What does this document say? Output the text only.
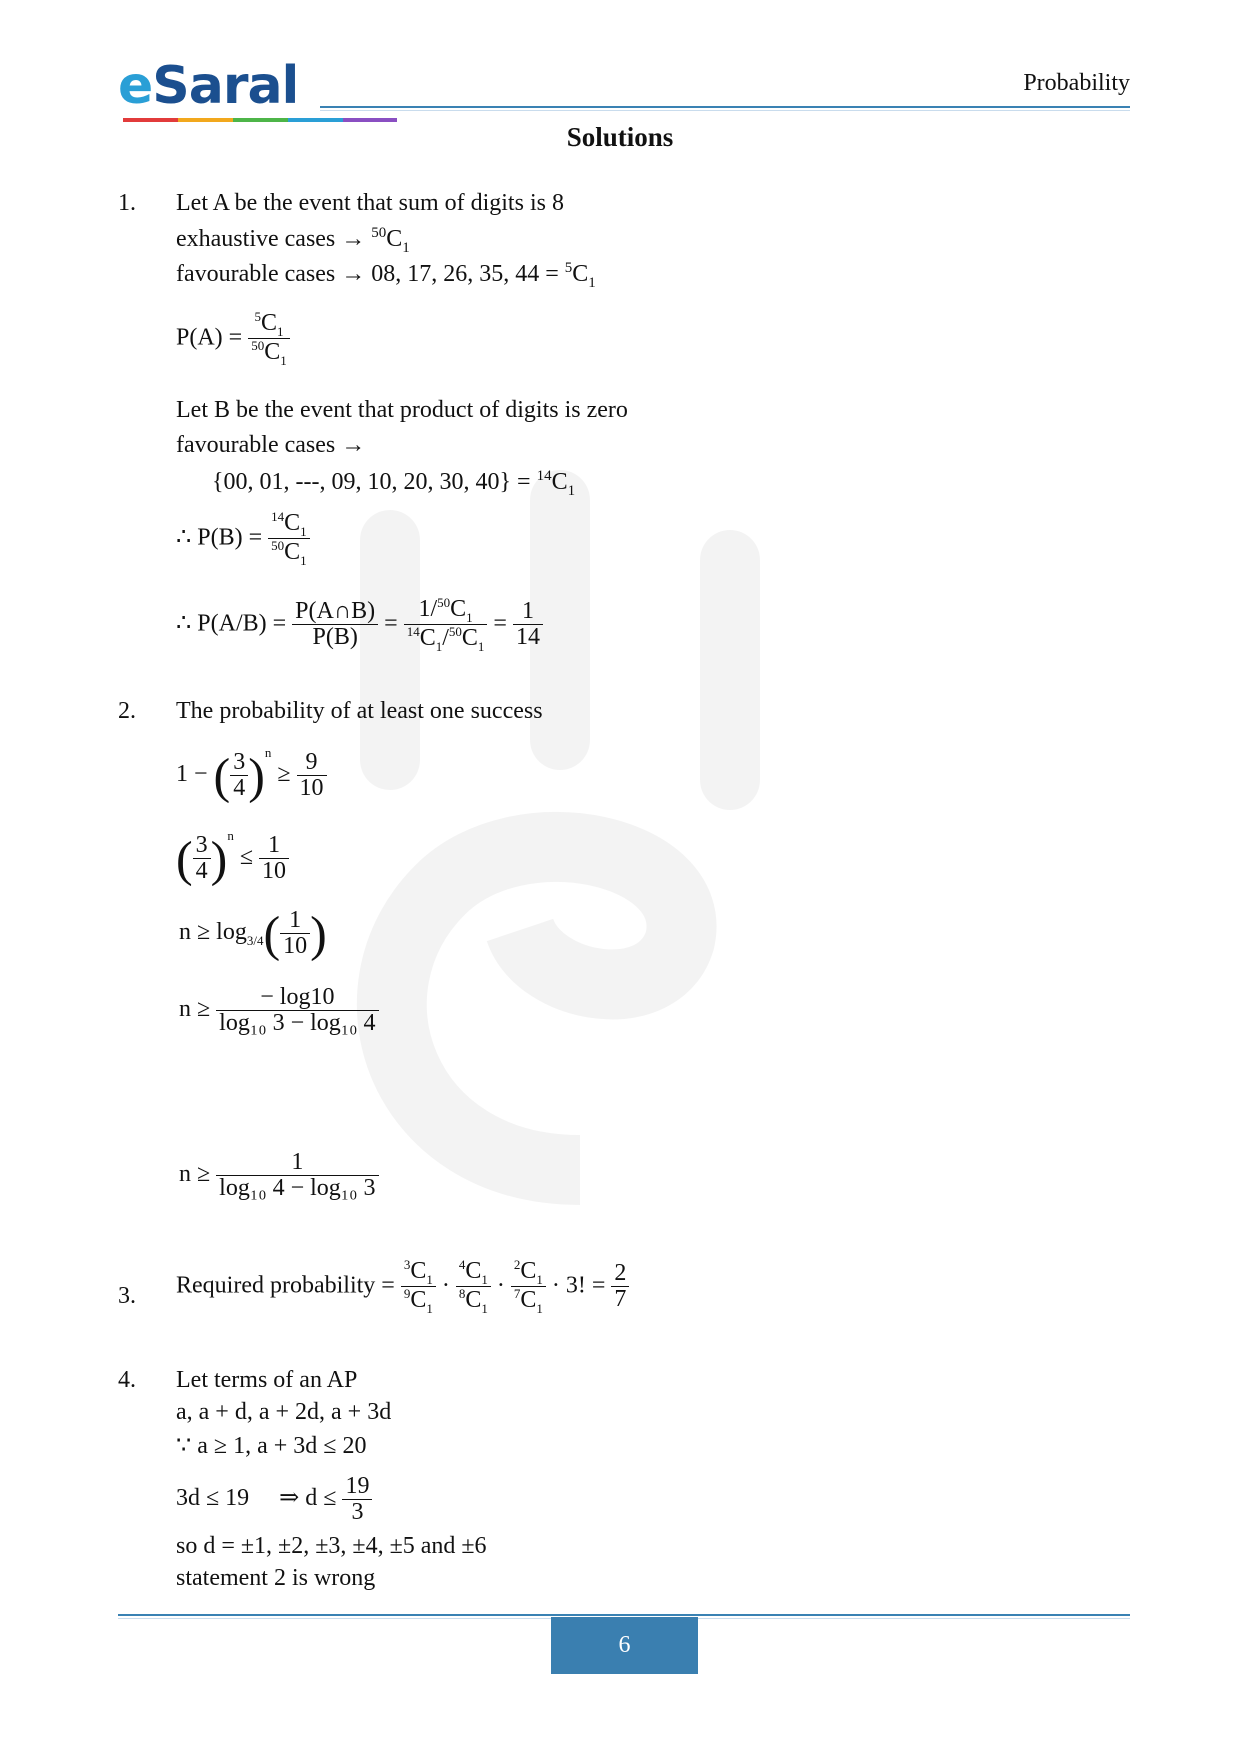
eSaral	Probability
Solutions
1. Let A be the event that sum of digits is 8
exhaustive cases → $^{50}C_1$
favourable cases → 08, 17, 26, 35, $44 = ^5C_1$
$P(A) = \frac{^5C_1}{^{50}C_1}$
Let B be the event that product of digits is zero
favourable cases →
{00, 01, ---, 09, 10, 20, 30, $40\} = ^{14}C_1$
∴ $P(B) = \frac{^{14}C_1}{^{50}C_1}$
∴ $P(A/B) = \frac{P(A\cap B)}{P(B)} = \frac{1/^{50}C_1}{^{14}C_1/^{50}C_1} = \frac{1}{14}$
2. The probability of at least one success
1 − ( $\frac{3}{4} )^n \ge \frac{9}{10}$
( $\frac{3}{4} )^n \le \frac{1}{10}$
$n \ge \log_{3/4}( \frac{1}{10}$ )
$n \ge \frac{- \log 10}{\text{log₁₀ 3 − log₁₀ 4}}$
$n \ge \frac{1}{\text{log₁₀ 4 − log₁₀ 3}}$
3. Required probability = $\frac{^3C_1}{^9C_1} \cdot \frac{^4C_1}{^8C_1} \cdot \frac{^2C_1}{^7C_1} \cdot 3$! = $\frac{2}{7}$
4. Let terms of an AP
a, a + d, a + 2d, a + 3d
∵ a ≥ 1, a + 3d ≤ 20
3d ≤ 19 ⇒ $d \le \frac{19}{3}$
so d = ±1, ±2, ±3, ±4, ±5 and ±6
statement 2 is wrong
6
